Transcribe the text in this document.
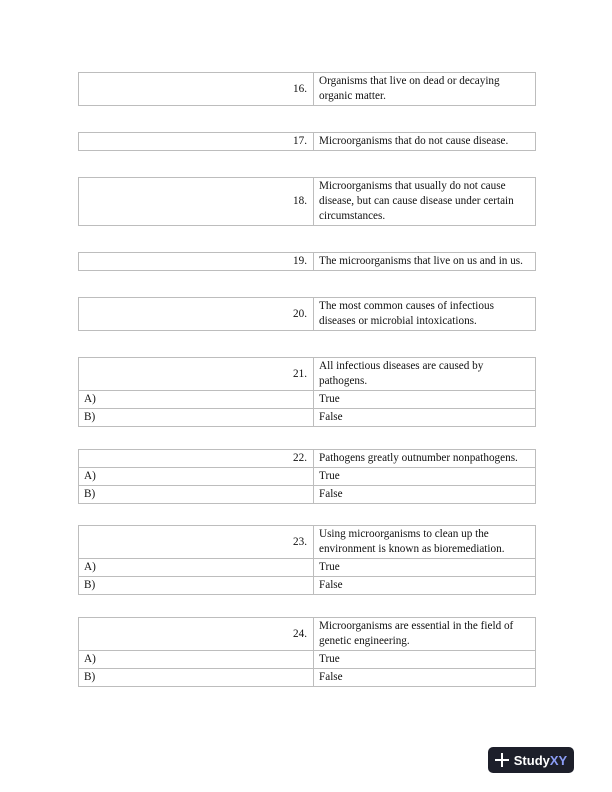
16.	Organisms that live on dead or decaying organic matter.
17.	Microorganisms that do not cause disease.
18.	Microorganisms that usually do not cause disease, but can cause disease under certain circumstances.
19.	The microorganisms that live on us and in us.
20.	The most common causes of infectious diseases or microbial intoxications.
21.	All infectious diseases are caused by pathogens.
A)	True
B)	False
22.	Pathogens greatly outnumber nonpathogens.
A)	True
B)	False
23.	Using microorganisms to clean up the environment is known as bioremediation.
A)	True
B)	False
24.	Microorganisms are essential in the field of genetic engineering.
A)	True
B)	False
StudyXY
